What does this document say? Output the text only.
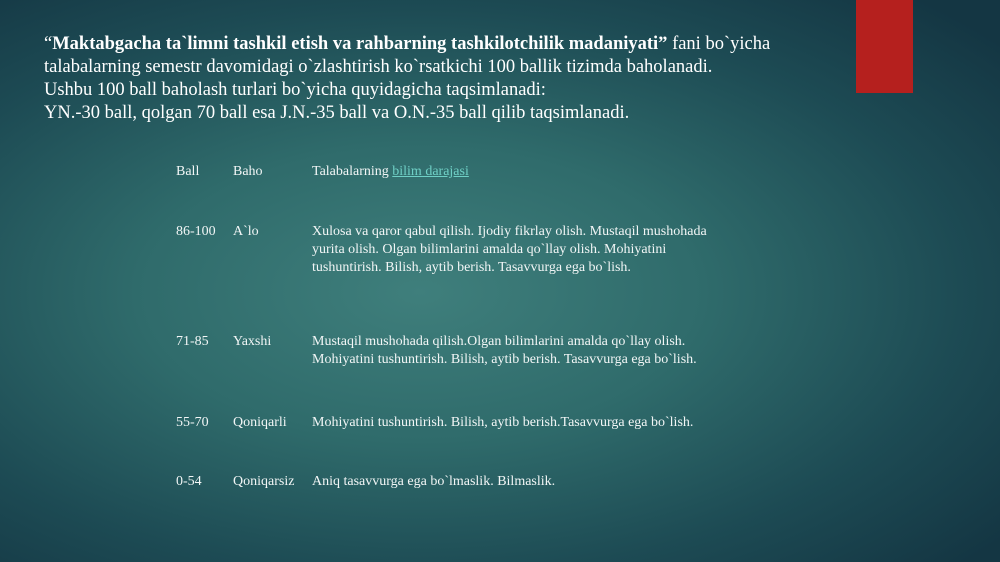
“Maktabgacha ta`limni tashkil etish va rahbarning tashkilotchilik madaniyati” fani bo`yicha

talabalarning semestr davomidagi o`zlashtirish ko`rsatkichi 100 ballik tizimda baholanadi.

Ushbu 100 ball baholash turlari bo`yicha quyidagicha taqsimlanadi:

YN.-30 ball, qolgan 70 ball esa J.N.-35 ball va O.N.-35 ball qilib taqsimlanadi.

Ball Baho	Talabalarning bilim darajasi
86-100 A`lo	Xulosa va qaror qabul qilish. Ijodiy fikrlay olish. Mustaqil mushohada
yurita olish. Olgan bilimlarini amalda qo`llay olish. Mohiyatini
tushuntirish. Bilish, aytib berish. Tasavvurga ega bo`lish.
71-85 Yaxshi	Mustaqil mushohada qilish.Olgan bilimlarini amalda qo`llay olish.
Mohiyatini tushuntirish. Bilish, aytib berish. Tasavvurga ega bo`lish.
55-70 Qoniqarli Mohiyatini tushuntirish. Bilish, aytib berish.Tasavvurga ega bo`lish.
0-54 Qoniqarsiz Aniq tasavvurga ega bo`lmaslik. Bilmaslik.
